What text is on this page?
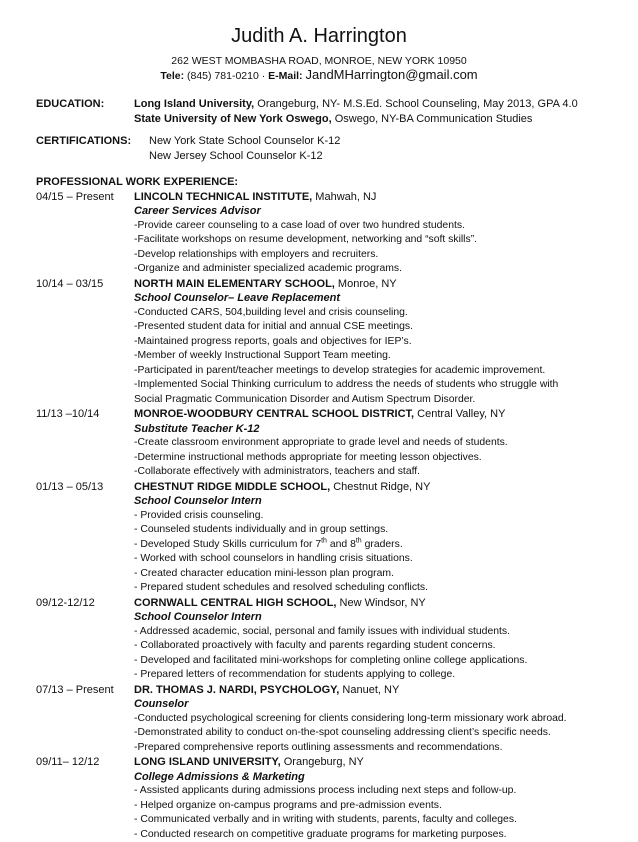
Judith A. Harrington
262 WEST MOMBASHA ROAD, MONROE, NEW YORK 10950
Tele: (845) 781-0210 · E-Mail: JandMHarrington@gmail.com
EDUCATION:	Long Island University, Orangeburg, NY- M.S.Ed. School Counseling, May 2013, GPA 4.0
State University of New York Oswego, Oswego, NY-BA Communication Studies
CERTIFICATIONS: New York State School Counselor K-12
New Jersey School Counselor K-12
PROFESSIONAL WORK EXPERIENCE:
04/15 – Present	LINCOLN TECHNICAL INSTITUTE, Mahwah, NJ
Career Services Advisor
-Provide career counseling to a case load of over two hundred students.
-Facilitate workshops on resume development, networking and “soft skills”.
-Develop relationships with employers and recruiters.
-Organize and administer specialized academic programs.
10/14 – 03/15	NORTH MAIN ELEMENTARY SCHOOL, Monroe, NY
School Counselor– Leave Replacement
-Conducted CARS, 504,building level and crisis counseling.
-Presented student data for initial and annual CSE meetings.
-Maintained progress reports, goals and objectives for IEP’s.
-Member of weekly Instructional Support Team meeting.
-Participated in parent/teacher meetings to develop strategies for academic improvement.
-Implemented Social Thinking curriculum to address the needs of students who struggle with
Social Pragmatic Communication Disorder and Autism Spectrum Disorder.
11/13 –10/14	MONROE-WOODBURY CENTRAL SCHOOL DISTRICT, Central Valley, NY
Substitute Teacher K-12
-Create classroom environment appropriate to grade level and needs of students.
-Determine instructional methods appropriate for meeting lesson objectives.
-Collaborate effectively with administrators, teachers and staff.
01/13 – 05/13	CHESTNUT RIDGE MIDDLE SCHOOL, Chestnut Ridge, NY
School Counselor Intern
- Provided crisis counseling.
- Counseled students individually and in group settings.
- Developed Study Skills curriculum for 7th and 8th graders.
- Worked with school counselors in handling crisis situations.
- Created character education mini-lesson plan program.
- Prepared student schedules and resolved scheduling conflicts.
09/12-12/12	CORNWALL CENTRAL HIGH SCHOOL, New Windsor, NY
School Counselor Intern
- Addressed academic, social, personal and family issues with individual students.
- Collaborated proactively with faculty and parents regarding student concerns.
- Developed and facilitated mini-workshops for completing online college applications.
- Prepared letters of recommendation for students applying to college.
07/13 – Present	DR. THOMAS J. NARDI, PSYCHOLOGY, Nanuet, NY
Counselor
-Conducted psychological screening for clients considering long-term missionary work abroad.
-Demonstrated ability to conduct on-the-spot counseling addressing client’s specific needs.
-Prepared comprehensive reports outlining assessments and recommendations.
09/11– 12/12	LONG ISLAND UNIVERSITY, Orangeburg, NY
College Admissions & Marketing
- Assisted applicants during admissions process including next steps and follow-up.
- Helped organize on-campus programs and pre-admission events.
- Communicated verbally and in writing with students, parents, faculty and colleges.
- Conducted research on competitive graduate programs for marketing purposes.
